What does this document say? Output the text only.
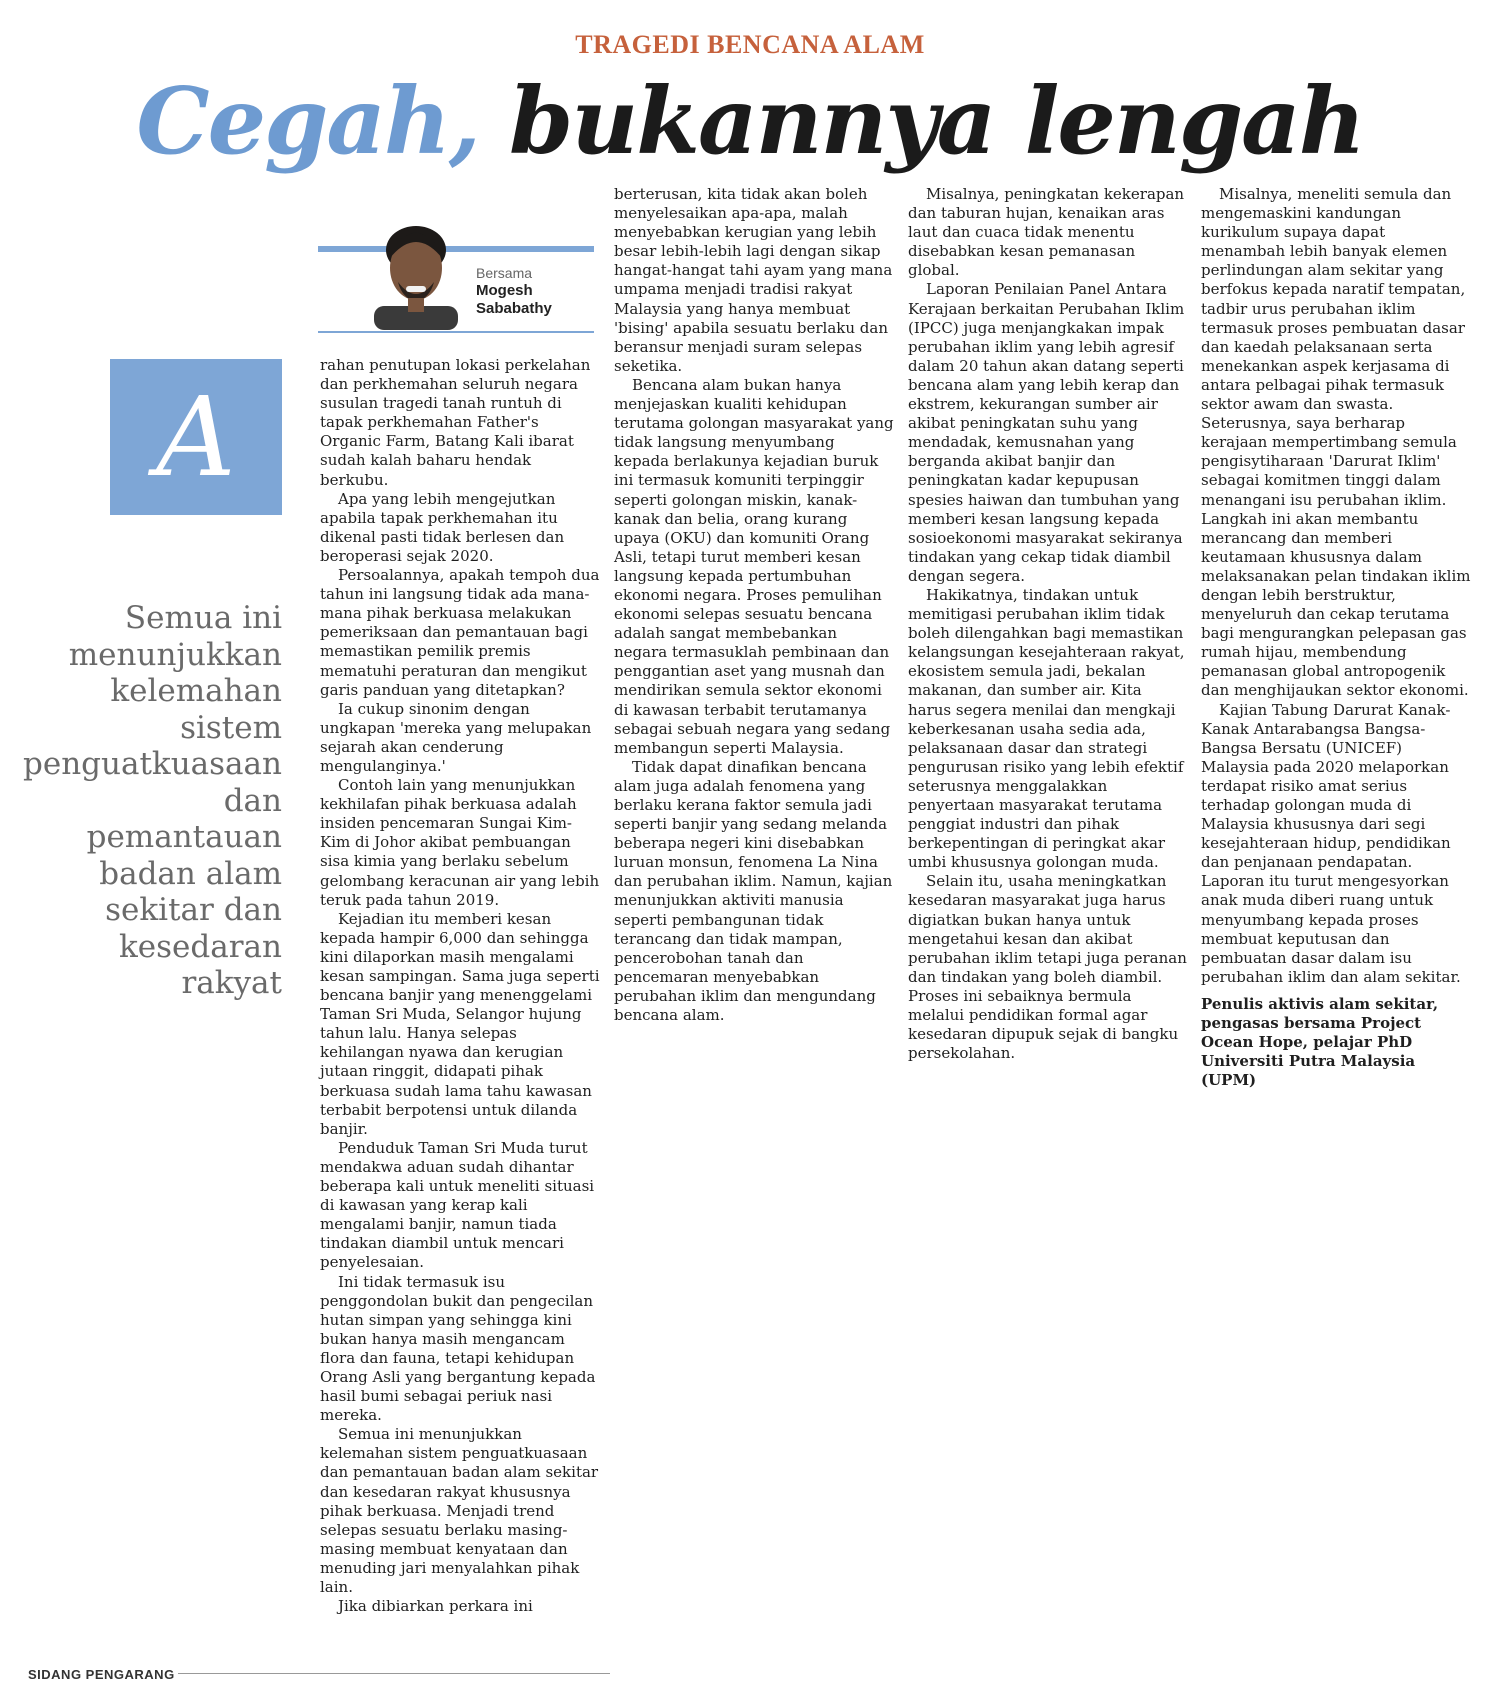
TRAGEDI BENCANA ALAM
Cegah, bukannya lengah
Bersama
Mogesh Sababathy
A
Semua ini menunjukkan kelemahan sistem penguatkuasaan dan pemantauan badan alam sekitar dan kesedaran rakyat

rahan penutupan lokasi perkelahan dan perkhemahan seluruh negara susulan tragedi tanah runtuh di tapak perkhemahan Father's Organic Farm, Batang Kali ibarat sudah kalah baharu hendak berkubu.

Apa yang lebih mengejutkan apabila tapak perkhemahan itu dikenal pasti tidak berlesen dan beroperasi sejak 2020.

Persoalannya, apakah tempoh dua tahun ini langsung tidak ada mana-mana pihak berkuasa melakukan pemeriksaan dan pemantauan bagi memastikan pemilik premis mematuhi peraturan dan mengikut garis panduan yang ditetapkan?

Ia cukup sinonim dengan ungkapan 'mereka yang melupakan sejarah akan cenderung mengulanginya.'

Contoh lain yang menunjukkan kekhilafan pihak berkuasa adalah insiden pencemaran Sungai Kim-Kim di Johor akibat pembuangan sisa kimia yang berlaku sebelum gelombang keracunan air yang lebih teruk pada tahun 2019.

Kejadian itu memberi kesan kepada hampir 6,000 dan sehingga kini dilaporkan masih mengalami kesan sampingan. Sama juga seperti bencana banjir yang menenggelami Taman Sri Muda, Selangor hujung tahun lalu. Hanya selepas kehilangan nyawa dan kerugian jutaan ringgit, didapati pihak berkuasa sudah lama tahu kawasan terbabit berpotensi untuk dilanda banjir.

Penduduk Taman Sri Muda turut mendakwa aduan sudah dihantar beberapa kali untuk meneliti situasi di kawasan yang kerap kali mengalami banjir, namun tiada tindakan diambil untuk mencari penyelesaian.

Ini tidak termasuk isu penggondolan bukit dan pengecilan hutan simpan yang sehingga kini bukan hanya masih mengancam flora dan fauna, tetapi kehidupan Orang Asli yang bergantung kepada hasil bumi sebagai periuk nasi mereka.

Semua ini menunjukkan kelemahan sistem penguatkuasaan dan pemantauan badan alam sekitar dan kesedaran rakyat khususnya pihak berkuasa. Menjadi trend selepas sesuatu berlaku masing-masing membuat kenyataan dan menuding jari menyalahkan pihak lain.

Jika dibiarkan perkara ini

berterusan, kita tidak akan boleh menyelesaikan apa-apa, malah menyebabkan kerugian yang lebih besar lebih-lebih lagi dengan sikap hangat-hangat tahi ayam yang mana umpama menjadi tradisi rakyat Malaysia yang hanya membuat 'bising' apabila sesuatu berlaku dan beransur menjadi suram selepas seketika.

Bencana alam bukan hanya menjejaskan kualiti kehidupan terutama golongan masyarakat yang tidak langsung menyumbang kepada berlakunya kejadian buruk ini termasuk komuniti terpinggir seperti golongan miskin, kanak-kanak dan belia, orang kurang upaya (OKU) dan komuniti Orang Asli, tetapi turut memberi kesan langsung kepada pertumbuhan ekonomi negara. Proses pemulihan ekonomi selepas sesuatu bencana adalah sangat membebankan negara termasuklah pembinaan dan penggantian aset yang musnah dan mendirikan semula sektor ekonomi di kawasan terbabit terutamanya sebagai sebuah negara yang sedang membangun seperti Malaysia.

Tidak dapat dinafikan bencana alam juga adalah fenomena yang berlaku kerana faktor semula jadi seperti banjir yang sedang melanda beberapa negeri kini disebabkan luruan monsun, fenomena La Nina dan perubahan iklim. Namun, kajian menunjukkan aktiviti manusia seperti pembangunan tidak terancang dan tidak mampan, pencerobohan tanah dan pencemaran menyebabkan perubahan iklim dan mengundang bencana alam.

Misalnya, peningkatan kekerapan dan taburan hujan, kenaikan aras laut dan cuaca tidak menentu disebabkan kesan pemanasan global.

Laporan Penilaian Panel Antara Kerajaan berkaitan Perubahan Iklim (IPCC) juga menjangkakan impak perubahan iklim yang lebih agresif dalam 20 tahun akan datang seperti bencana alam yang lebih kerap dan ekstrem, kekurangan sumber air akibat peningkatan suhu yang mendadak, kemusnahan yang berganda akibat banjir dan peningkatan kadar kepupusan spesies haiwan dan tumbuhan yang memberi kesan langsung kepada sosioekonomi masyarakat sekiranya tindakan yang cekap tidak diambil dengan segera.

Hakikatnya, tindakan untuk memitigasi perubahan iklim tidak boleh dilengahkan bagi memastikan kelangsungan kesejahteraan rakyat, ekosistem semula jadi, bekalan makanan, dan sumber air. Kita harus segera menilai dan mengkaji keberkesanan usaha sedia ada, pelaksanaan dasar dan strategi pengurusan risiko yang lebih efektif seterusnya menggalakkan penyertaan masyarakat terutama penggiat industri dan pihak berkepentingan di peringkat akar umbi khususnya golongan muda.

Selain itu, usaha meningkatkan kesedaran masyarakat juga harus digiatkan bukan hanya untuk mengetahui kesan dan akibat perubahan iklim tetapi juga peranan dan tindakan yang boleh diambil. Proses ini sebaiknya bermula melalui pendidikan formal agar kesedaran dipupuk sejak di bangku persekolahan.

Misalnya, meneliti semula dan mengemaskini kandungan kurikulum supaya dapat menambah lebih banyak elemen perlindungan alam sekitar yang berfokus kepada naratif tempatan, tadbir urus perubahan iklim termasuk proses pembuatan dasar dan kaedah pelaksanaan serta menekankan aspek kerjasama di antara pelbagai pihak termasuk sektor awam dan swasta. Seterusnya, saya berharap kerajaan mempertimbang semula pengisytiharaan 'Darurat Iklim' sebagai komitmen tinggi dalam menangani isu perubahan iklim. Langkah ini akan membantu merancang dan memberi keutamaan khususnya dalam melaksanakan pelan tindakan iklim dengan lebih berstruktur, menyeluruh dan cekap terutama bagi mengurangkan pelepasan gas rumah hijau, membendung pemanasan global antropogenik dan menghijaukan sektor ekonomi.

Kajian Tabung Darurat Kanak-Kanak Antarabangsa Bangsa-Bangsa Bersatu (UNICEF) Malaysia pada 2020 melaporkan terdapat risiko amat serius terhadap golongan muda di Malaysia khususnya dari segi kesejahteraan hidup, pendidikan dan penjanaan pendapatan. Laporan itu turut mengesyorkan anak muda diberi ruang untuk menyumbang kepada proses membuat keputusan dan pembuatan dasar dalam isu perubahan iklim dan alam sekitar.

Penulis aktivis alam sekitar, pengasas bersama Project Ocean Hope, pelajar PhD Universiti Putra Malaysia (UPM)

SIDANG PENGARANG
